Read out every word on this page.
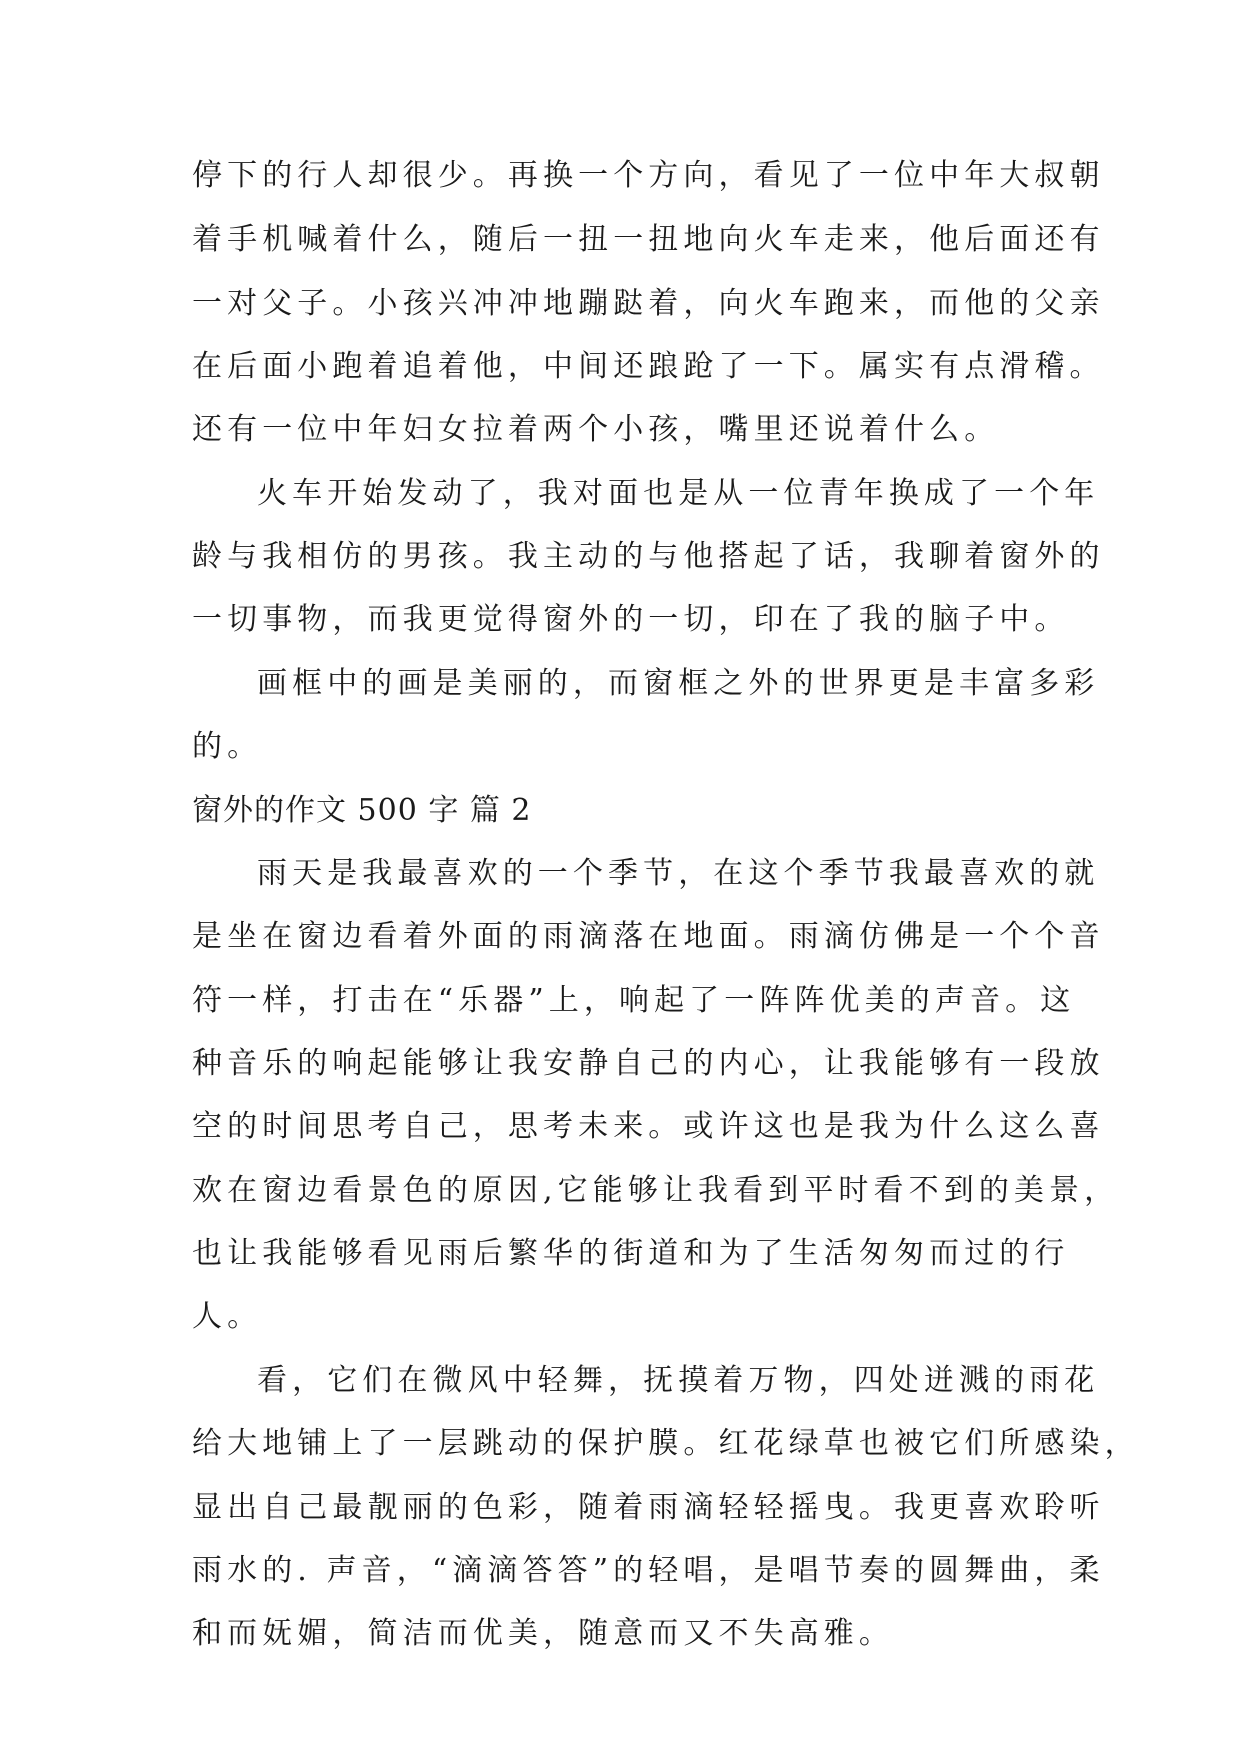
停下的行人却很少。再换一个方向，看见了一位中年大叔朝
着手机喊着什么，随后一扭一扭地向火车走来，他后面还有
一对父子。小孩兴冲冲地蹦跶着，向火车跑来，而他的父亲
在后面小跑着追着他，中间还踉跄了一下。属实有点滑稽。
还有一位中年妇女拉着两个小孩，嘴里还说着什么。
火车开始发动了，我对面也是从一位青年换成了一个年
龄与我相仿的男孩。我主动的与他搭起了话，我聊着窗外的
一切事物，而我更觉得窗外的一切，印在了我的脑子中。
画框中的画是美丽的，而窗框之外的世界更是丰富多彩
的。
窗外的作文 500 字 篇 2
雨天是我最喜欢的一个季节，在这个季节我最喜欢的就
是坐在窗边看着外面的雨滴落在地面。雨滴仿佛是一个个音
符一样，打击在“乐器”上，响起了一阵阵优美的声音。这
种音乐的响起能够让我安静自己的内心，让我能够有一段放
空的时间思考自己，思考未来。或许这也是我为什么这么喜
欢在窗边看景色的原因,它能够让我看到平时看不到的美景，
也让我能够看见雨后繁华的街道和为了生活匆匆而过的行
人。
看，它们在微风中轻舞，抚摸着万物，四处迸溅的雨花
给大地铺上了一层跳动的保护膜。红花绿草也被它们所感染，
显出自己最靓丽的色彩，随着雨滴轻轻摇曳。我更喜欢聆听
雨水的. 声音，“滴滴答答”的轻唱，是唱节奏的圆舞曲，柔
和而妩媚，简洁而优美，随意而又不失高雅。
